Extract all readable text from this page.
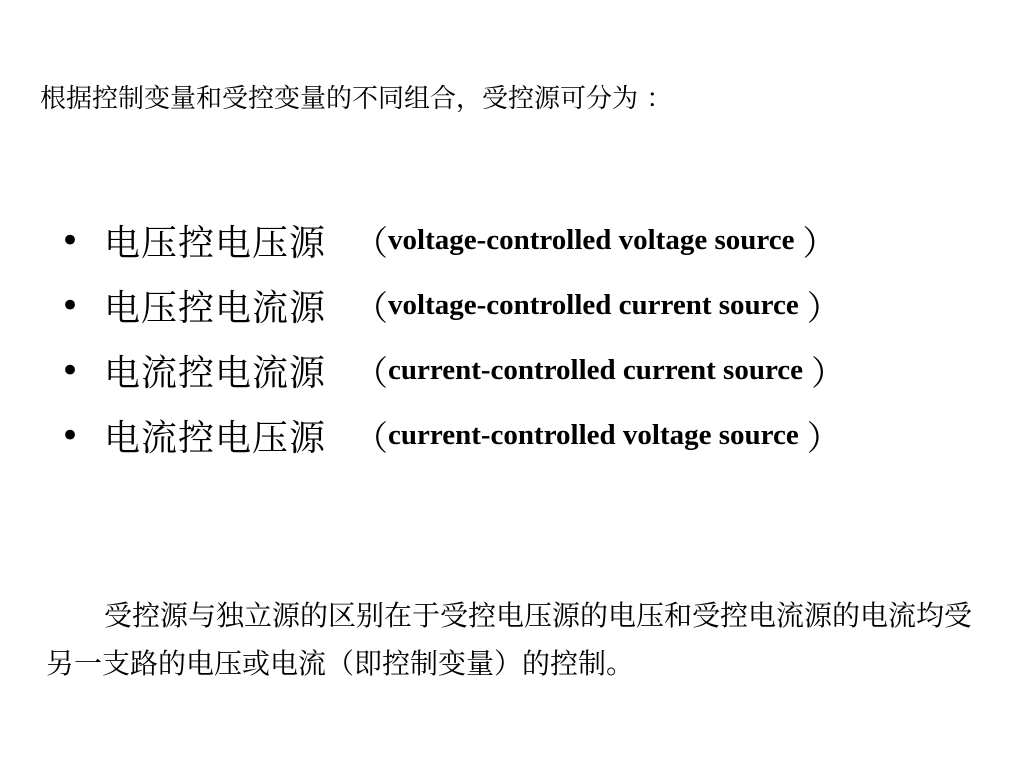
根据控制变量和受控变量的不同组合，受控源可分为 ：
• 电压控电压源 （ voltage-controlled voltage source ）
• 电压控电流源 （ voltage-controlled current source ）
• 电流控电流源 （ current-controlled current source ）
• 电流控电压源 （ current-controlled voltage source ）
受控源与独立源的区别在于受控电压源的电压和受控电流源的电流均受另一支路的电压或电流（即控制变量）的控制。
